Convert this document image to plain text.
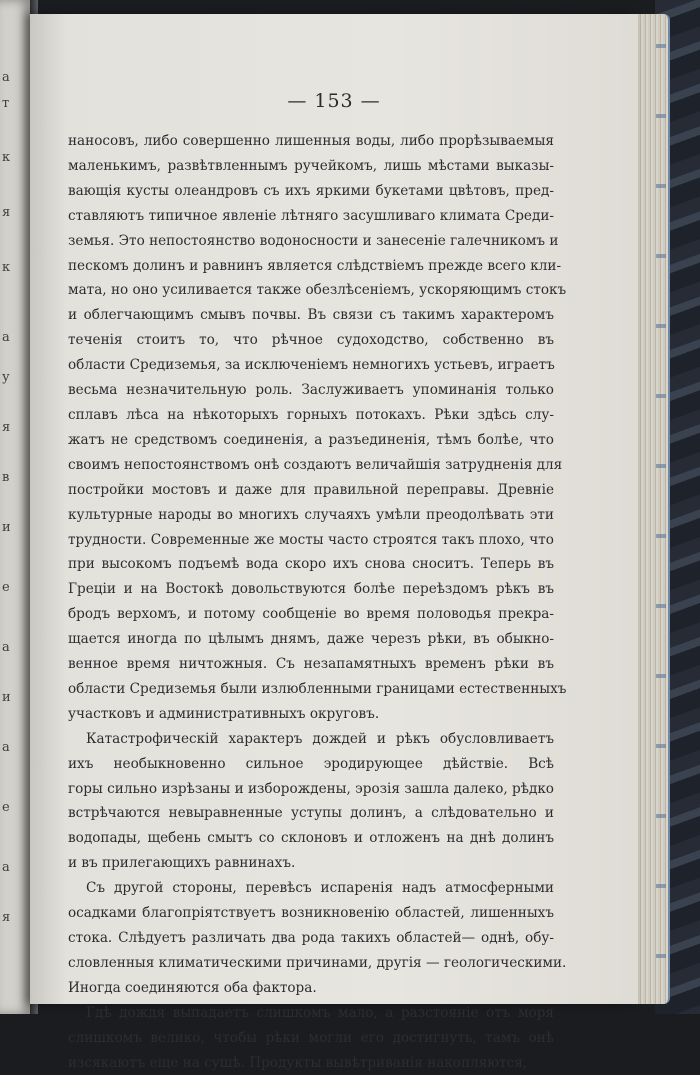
а
т
к
я
к
а
у
я
в
и
е
а
и
а
е
а
я
— 153 —
наносовъ, либо совершенно лишенныя воды, либо прорѣзываемыя
маленькимъ, развѣтвленнымъ ручейкомъ, лишь мѣстами выказы-
вающія кусты олеандровъ съ ихъ яркими букетами цвѣтовъ, пред-
ставляютъ типичное явленіе лѣтняго засушливаго климата Среди-
земья. Это непостоянство водоносности и занесеніе галечникомъ и
пескомъ долинъ и равнинъ является слѣдствіемъ прежде всего кли-
мата, но оно усиливается также обезлѣсеніемъ, ускоряющимъ стокъ
и облегчающимъ смывъ почвы. Въ связи съ такимъ характеромъ
теченія стоитъ то, что рѣчное судоходство, собственно въ
области Средиземья, за исключеніемъ немногихъ устьевъ, играетъ
весьма незначительную роль. Заслуживаетъ упоминанія только
сплавъ лѣса на нѣкоторыхъ горныхъ потокахъ. Рѣки здѣсь слу-
жатъ не средствомъ соединенія, а разъединенія, тѣмъ болѣе, что
своимъ непостоянствомъ онѣ создаютъ величайшія затрудненія для
постройки мостовъ и даже для правильной переправы. Древніе
культурные народы во многихъ случаяхъ умѣли преодолѣвать эти
трудности. Современные же мосты часто строятся такъ плохо, что
при высокомъ подъемѣ вода скоро ихъ снова сноситъ. Теперь въ
Греціи и на Востокѣ довольствуются болѣе переѣздомъ рѣкъ въ
бродъ верхомъ, и потому сообщеніе во время половодья прекра-
щается иногда по цѣлымъ днямъ, даже черезъ рѣки, въ обыкно-
венное время ничтожныя. Съ незапамятныхъ временъ рѣки въ
области Средиземья были излюбленными границами естественныхъ
участковъ и административныхъ округовъ.
Катастрофическій характеръ дождей и рѣкъ обусловливаетъ
ихъ необыкновенно сильное эродирующее дѣйствіе. Всѣ
горы сильно изрѣзаны и изборождены, эрозія зашла далеко, рѣдко
встрѣчаются невыравненные уступы долинъ, а слѣдовательно и
водопады, щебень смытъ со склоновъ и отложенъ на днѣ долинъ
и въ прилегающихъ равнинахъ.
Съ другой стороны, перевѣсъ испаренія надъ атмосферными
осадками благопріятствуетъ возникновенію областей, лишенныхъ
стока. Слѣдуетъ различать два рода такихъ областей— однѣ, обу-
словленныя климатическими причинами, другія — геологическими.
Иногда соединяются оба фактора.
Гдѣ дождя выпадаетъ слишкомъ мало, а разстояніе отъ моря
слишкомъ велико, чтобы рѣки могли его достигнуть, тамъ онѣ
изсякаютъ еще на сушѣ. Продукты вывѣтриванія накопляются,
